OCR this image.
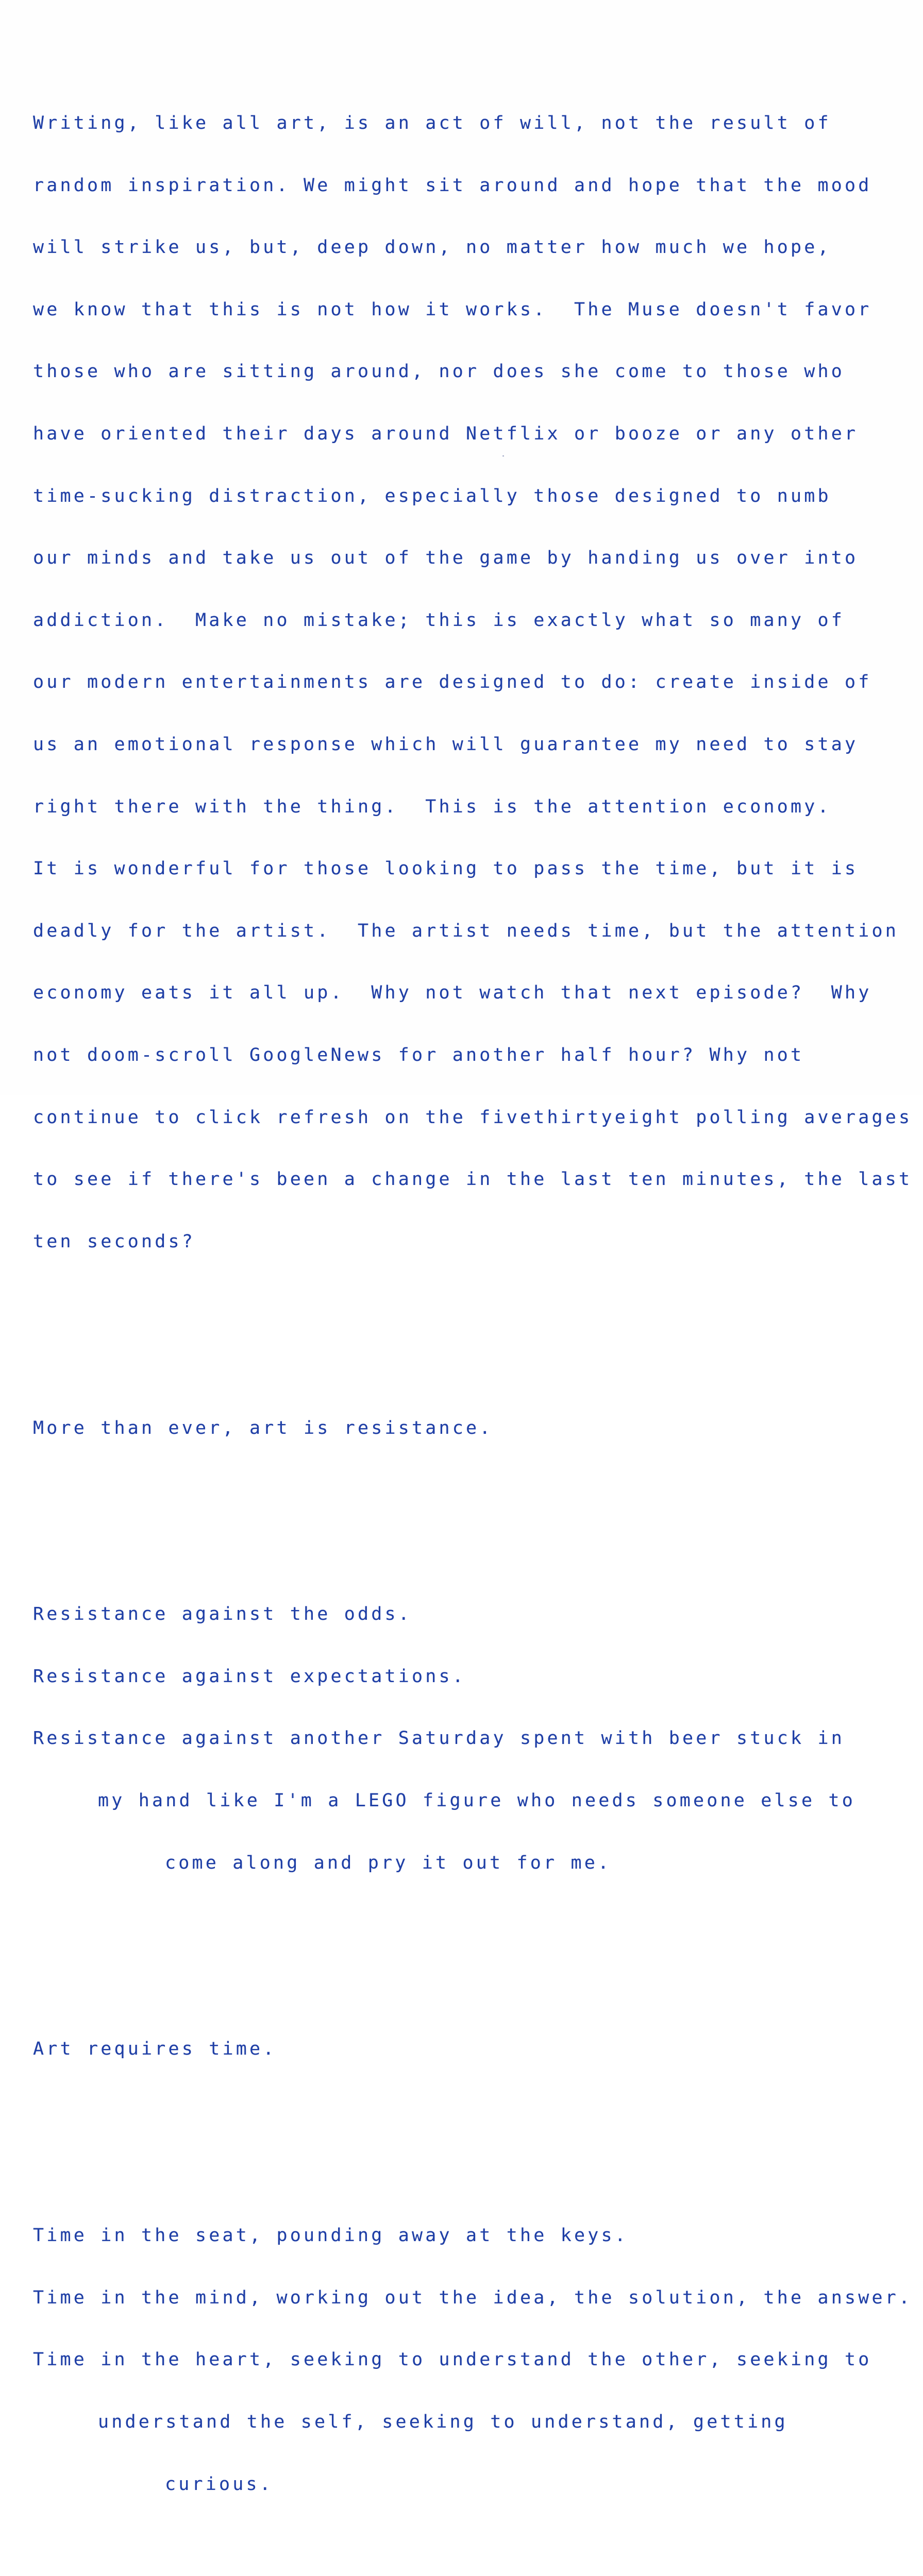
Writing, like all art, is an act of will, not the result of

random inspiration. We might sit around and hope that the mood

will strike us, but, deep down, no matter how much we hope,

we know that this is not how it works.  The Muse doesn't favor

those who are sitting around, nor does she come to those who

have oriented their days around Netflix or booze or any other

time-sucking distraction, especially those designed to numb

our minds and take us out of the game by handing us over into

addiction.  Make no mistake; this is exactly what so many of

our modern entertainments are designed to do: create inside of

us an emotional response which will guarantee my need to stay

right there with the thing.  This is the attention economy.

It is wonderful for those looking to pass the time, but it is

deadly for the artist.  The artist needs time, but the attention

economy eats it all up.  Why not watch that next episode?  Why

not doom-scroll GoogleNews for another half hour? Why not

continue to click refresh on the fivethirtyeight polling averages

to see if there's been a change in the last ten minutes, the last

ten seconds?

More than ever, art is resistance.

Resistance against the odds.

Resistance against expectations.

Resistance against another Saturday spent with beer stuck in

my hand like I'm a LEGO figure who needs someone else to

come along and pry it out for me.

Art requires time.

Time in the seat, pounding away at the keys.

Time in the mind, working out the idea, the solution, the answer.

Time in the heart, seeking to understand the other, seeking to

understand the self, seeking to understand, getting

curious.
